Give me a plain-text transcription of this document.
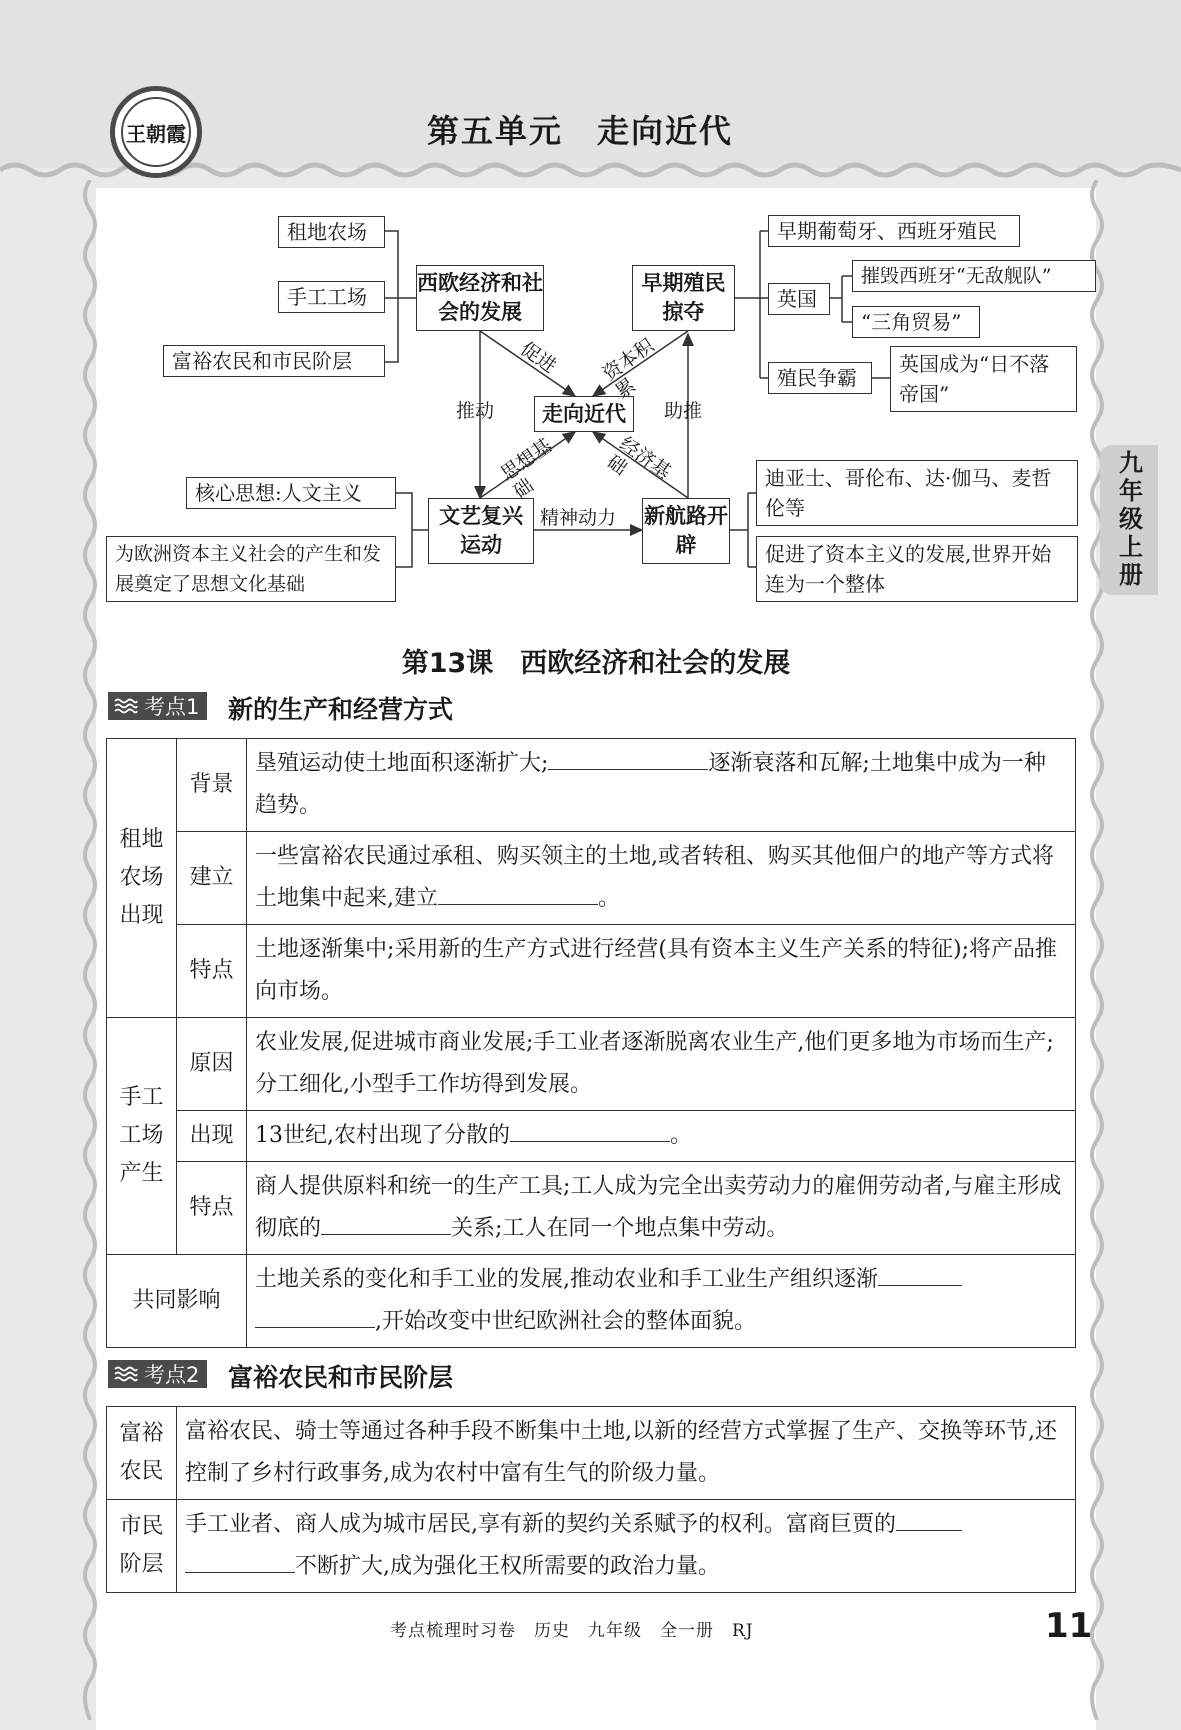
王朝霞	第五单元　走向近代
九年级上册
租地农场
手工工场
富裕农民和市民阶层
西欧经济和社会的发展
早期殖民掠夺
走向近代
文艺复兴运动
新航路开辟
早期葡萄牙、西班牙殖民
英国
摧毁西班牙“无敌舰队”
“三角贸易”
殖民争霸
英国成为“日不落帝国”
核心思想:人文主义
为欧洲资本主义社会的产生和发展奠定了思想文化基础
迪亚士、哥伦布、达·伽马、麦哲伦等
促进了资本主义的发展,世界开始连为一个整体
促进 资本积累
推动	助推
思想基础
经济基础
精神动力
第13课　西欧经济和社会的发展
考点1 新的生产和经营方式
租地农场出现	背景	垦殖运动使土地面积逐渐扩大; 逐渐衰落和瓦解;土地集中成为一种趋势。
	建立	一些富裕农民通过承租、购买领主的土地,或者转租、购买其他佃户的地产等方式将土地集中起来,建立 。
	特点	土地逐渐集中;采用新的生产方式进行经营(具有资本主义生产关系的特征);将产品推向市场。

手工工场产生	原因	农业发展,促进城市商业发展;手工业者逐渐脱离农业生产,他们更多地为市场而生产;分工细化,小型手工作坊得到发展。
	出现	13世纪,农村出现了分散的 。
	特点	商人提供原料和统一的生产工具;工人成为完全出卖劳动力的雇佣劳动者,与雇主形成彻底的 关系;工人在同一个地点集中劳动。
共同影响		土地关系的变化和手工业的发展,推动农业和手工业生产组织逐渐
,开始改变中世纪欧洲社会的整体面貌。
考点2 富裕农民和市民阶层
富裕农民	富裕农民、骑士等通过各种手段不断集中土地,以新的经营方式掌握了生产、交换等环节,还控制了乡村行政事务,成为农村中富有生气的阶级力量。

市民阶层	手工业者、商人成为城市居民,享有新的契约关系赋予的权利。富商巨贾的
不断扩大,成为强化王权所需要的政治力量。
考点梳理时习卷　历史　九年级　全一册　RJ	11
